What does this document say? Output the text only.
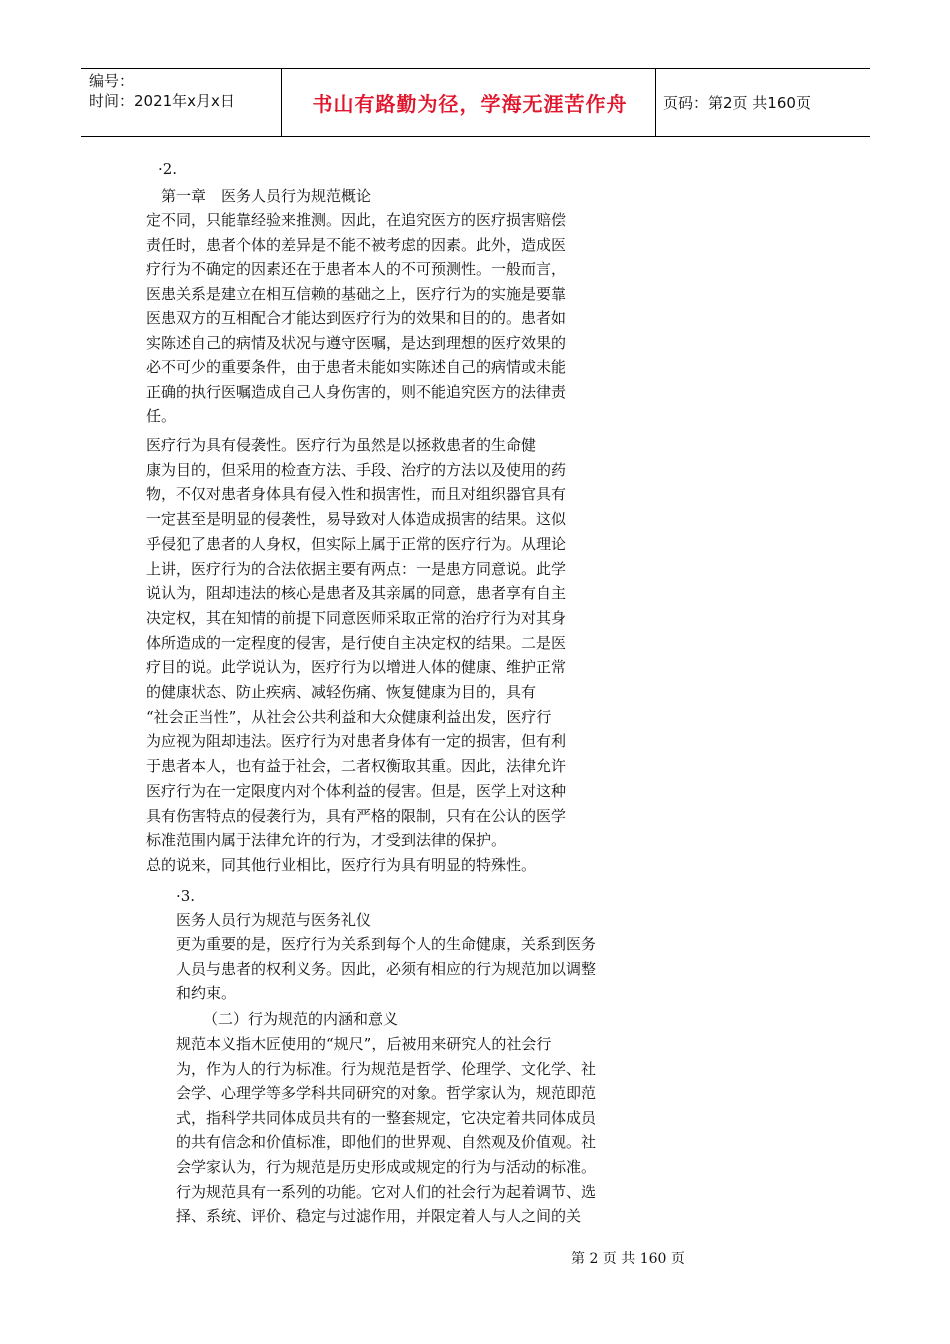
编号：
时间：2021年x月x日	书山有路勤为径，学海无涯苦作舟	页码：第2页 共160页
·2.
第一章　医务人员行为规范概论
定不同，只能靠经验来推测。因此，在追究医方的医疗损害赔偿
责任时，患者个体的差异是不能不被考虑的因素。此外，造成医
疗行为不确定的因素还在于患者本人的不可预测性。一般而言，
医患关系是建立在相互信赖的基础之上，医疗行为的实施是要靠
医患双方的互相配合才能达到医疗行为的效果和目的的。患者如
实陈述自己的病情及状况与遵守医嘱，是达到理想的医疗效果的
必不可少的重要条件，由于患者未能如实陈述自己的病情或未能
正确的执行医嘱造成自己人身伤害的，则不能追究医方的法律责
任。
医疗行为具有侵袭性。医疗行为虽然是以拯救患者的生命健
康为目的，但采用的检查方法、手段、治疗的方法以及使用的药
物，不仅对患者身体具有侵入性和损害性，而且对组织器官具有
一定甚至是明显的侵袭性，易导致对人体造成损害的结果。这似
乎侵犯了患者的人身权，但实际上属于正常的医疗行为。从理论
上讲，医疗行为的合法依据主要有两点：一是患方同意说。此学
说认为，阻却违法的核心是患者及其亲属的同意，患者享有自主
决定权，其在知情的前提下同意医师采取正常的治疗行为对其身
体所造成的一定程度的侵害，是行使自主决定权的结果。二是医
疗目的说。此学说认为，医疗行为以增进人体的健康、维护正常
的健康状态、防止疾病、减轻伤痛、恢复健康为目的，具有
“社会正当性”，从社会公共利益和大众健康利益出发，医疗行
为应视为阻却违法。医疗行为对患者身体有一定的损害，但有利
于患者本人，也有益于社会，二者权衡取其重。因此，法律允许
医疗行为在一定限度内对个体利益的侵害。但是，医学上对这种
具有伤害特点的侵袭行为，具有严格的限制，只有在公认的医学
标准范围内属于法律允许的行为，才受到法律的保护。
总的说来，同其他行业相比，医疗行为具有明显的特殊性。
·3.
医务人员行为规范与医务礼仪
更为重要的是，医疗行为关系到每个人的生命健康，关系到医务
人员与患者的权利义务。因此，必须有相应的行为规范加以调整
和约束。
（二）行为规范的内涵和意义
规范本义指木匠使用的“规尺”，后被用来研究人的社会行
为，作为人的行为标准。行为规范是哲学、伦理学、文化学、社
会学、心理学等多学科共同研究的对象。哲学家认为，规范即范
式，指科学共同体成员共有的一整套规定，它决定着共同体成员
的共有信念和价值标准，即他们的世界观、自然观及价值观。社
会学家认为，行为规范是历史形成或规定的行为与活动的标准。
行为规范具有一系列的功能。它对人们的社会行为起着调节、选
择、系统、评价、稳定与过滤作用，并限定着人与人之间的关
第 2 页 共 160 页
